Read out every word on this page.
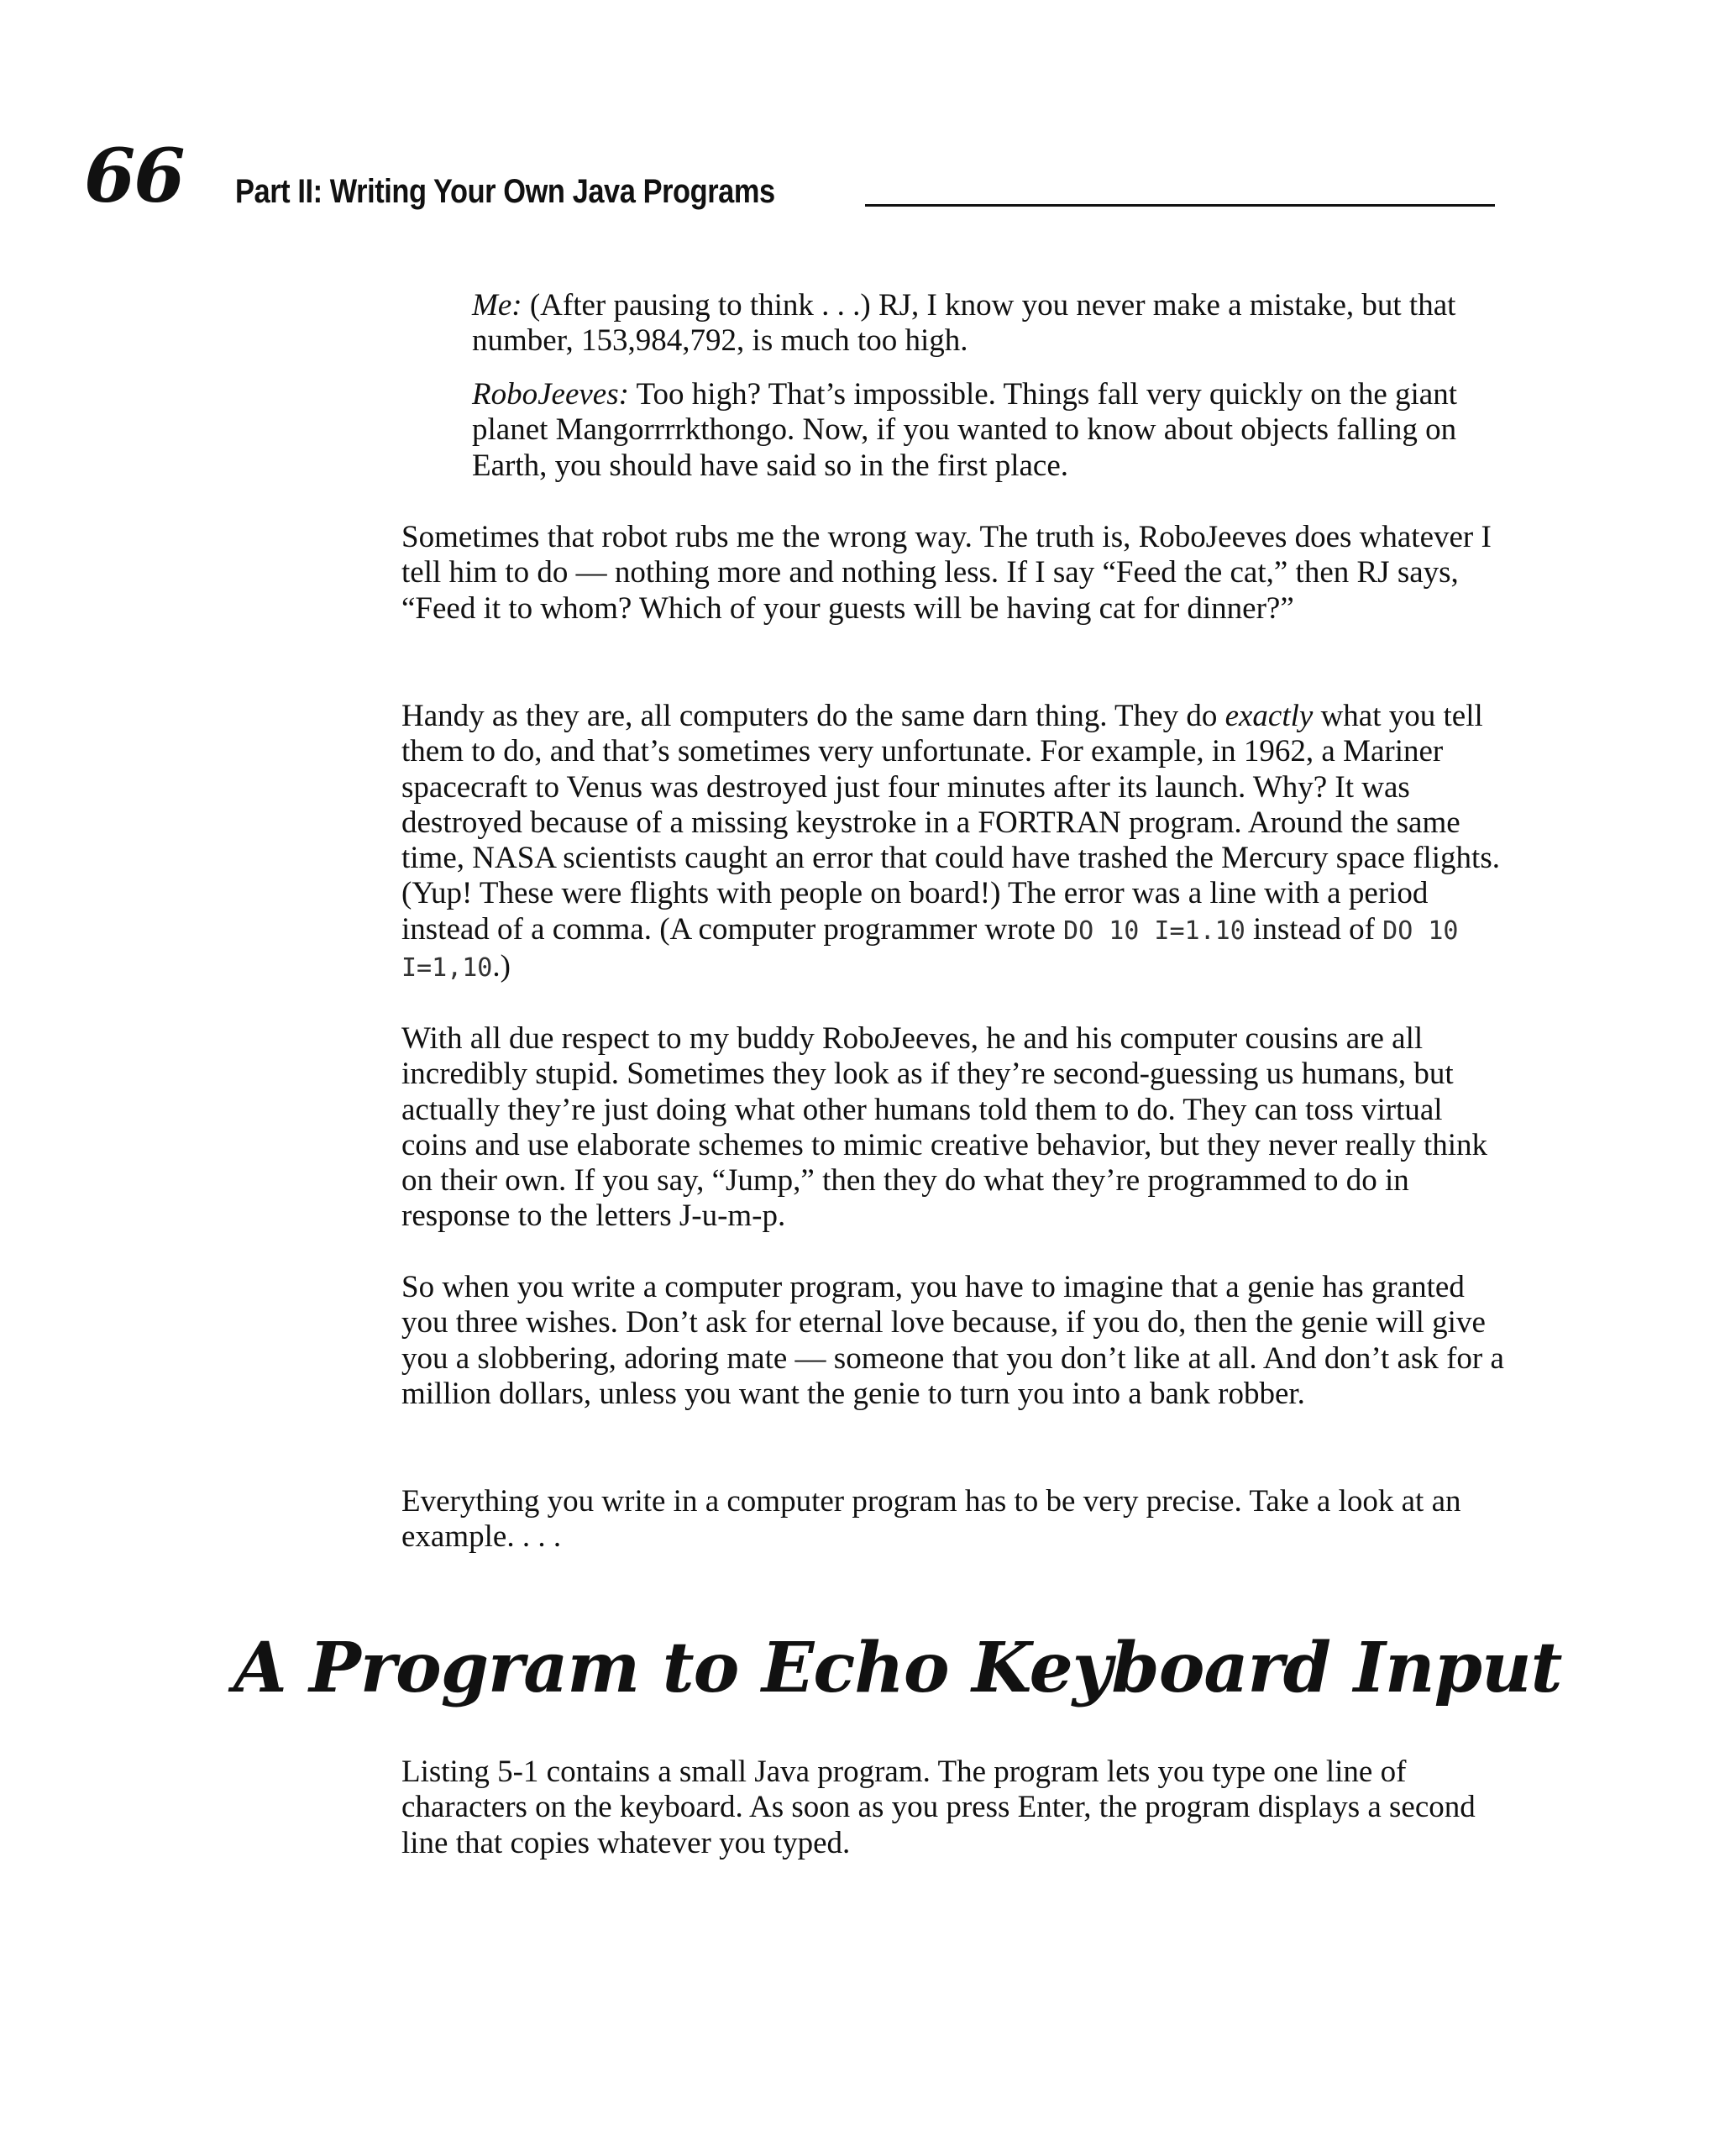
66 Part II: Writing Your Own Java Programs

Me: (After pausing to think . . .) RJ, I know you never make a mistake, but that number, 153,984,792, is much too high.

RoboJeeves: Too high? That’s impossible. Things fall very quickly on the giant planet Mangorrrrkthongo. Now, if you wanted to know about objects falling on Earth, you should have said so in the first place.

Sometimes that robot rubs me the wrong way. The truth is, RoboJeeves does whatever I tell him to do — nothing more and nothing less. If I say “Feed the cat,” then RJ says, “Feed it to whom? Which of your guests will be having cat for dinner?”

Handy as they are, all computers do the same darn thing. They do exactly what you tell them to do, and that’s sometimes very unfortunate. For example, in 1962, a Mariner spacecraft to Venus was destroyed just four minutes after its launch. Why? It was destroyed because of a missing keystroke in a FORTRAN program. Around the same time, NASA scientists caught an error that could have trashed the Mercury space flights. (Yup! These were flights with people on board!) The error was a line with a period instead of a comma. (A computer programmer wrote DO 10 I=1.10 instead of DO 10 I=1,10.)

With all due respect to my buddy RoboJeeves, he and his computer cousins are all incredibly stupid. Sometimes they look as if they’re second-guessing us humans, but actually they’re just doing what other humans told them to do. They can toss virtual coins and use elaborate schemes to mimic creative behavior, but they never really think on their own. If you say, “Jump,” then they do what they’re programmed to do in response to the letters J-u-m-p.

So when you write a computer program, you have to imagine that a genie has granted you three wishes. Don’t ask for eternal love because, if you do, then the genie will give you a slobbering, adoring mate — someone that you don’t like at all. And don’t ask for a million dollars, unless you want the genie to turn you into a bank robber.

Everything you write in a computer program has to be very precise. Take a look at an example. . . .

A Program to Echo Keyboard Input

Listing 5-1 contains a small Java program. The program lets you type one line of characters on the keyboard. As soon as you press Enter, the program displays a second line that copies whatever you typed.
